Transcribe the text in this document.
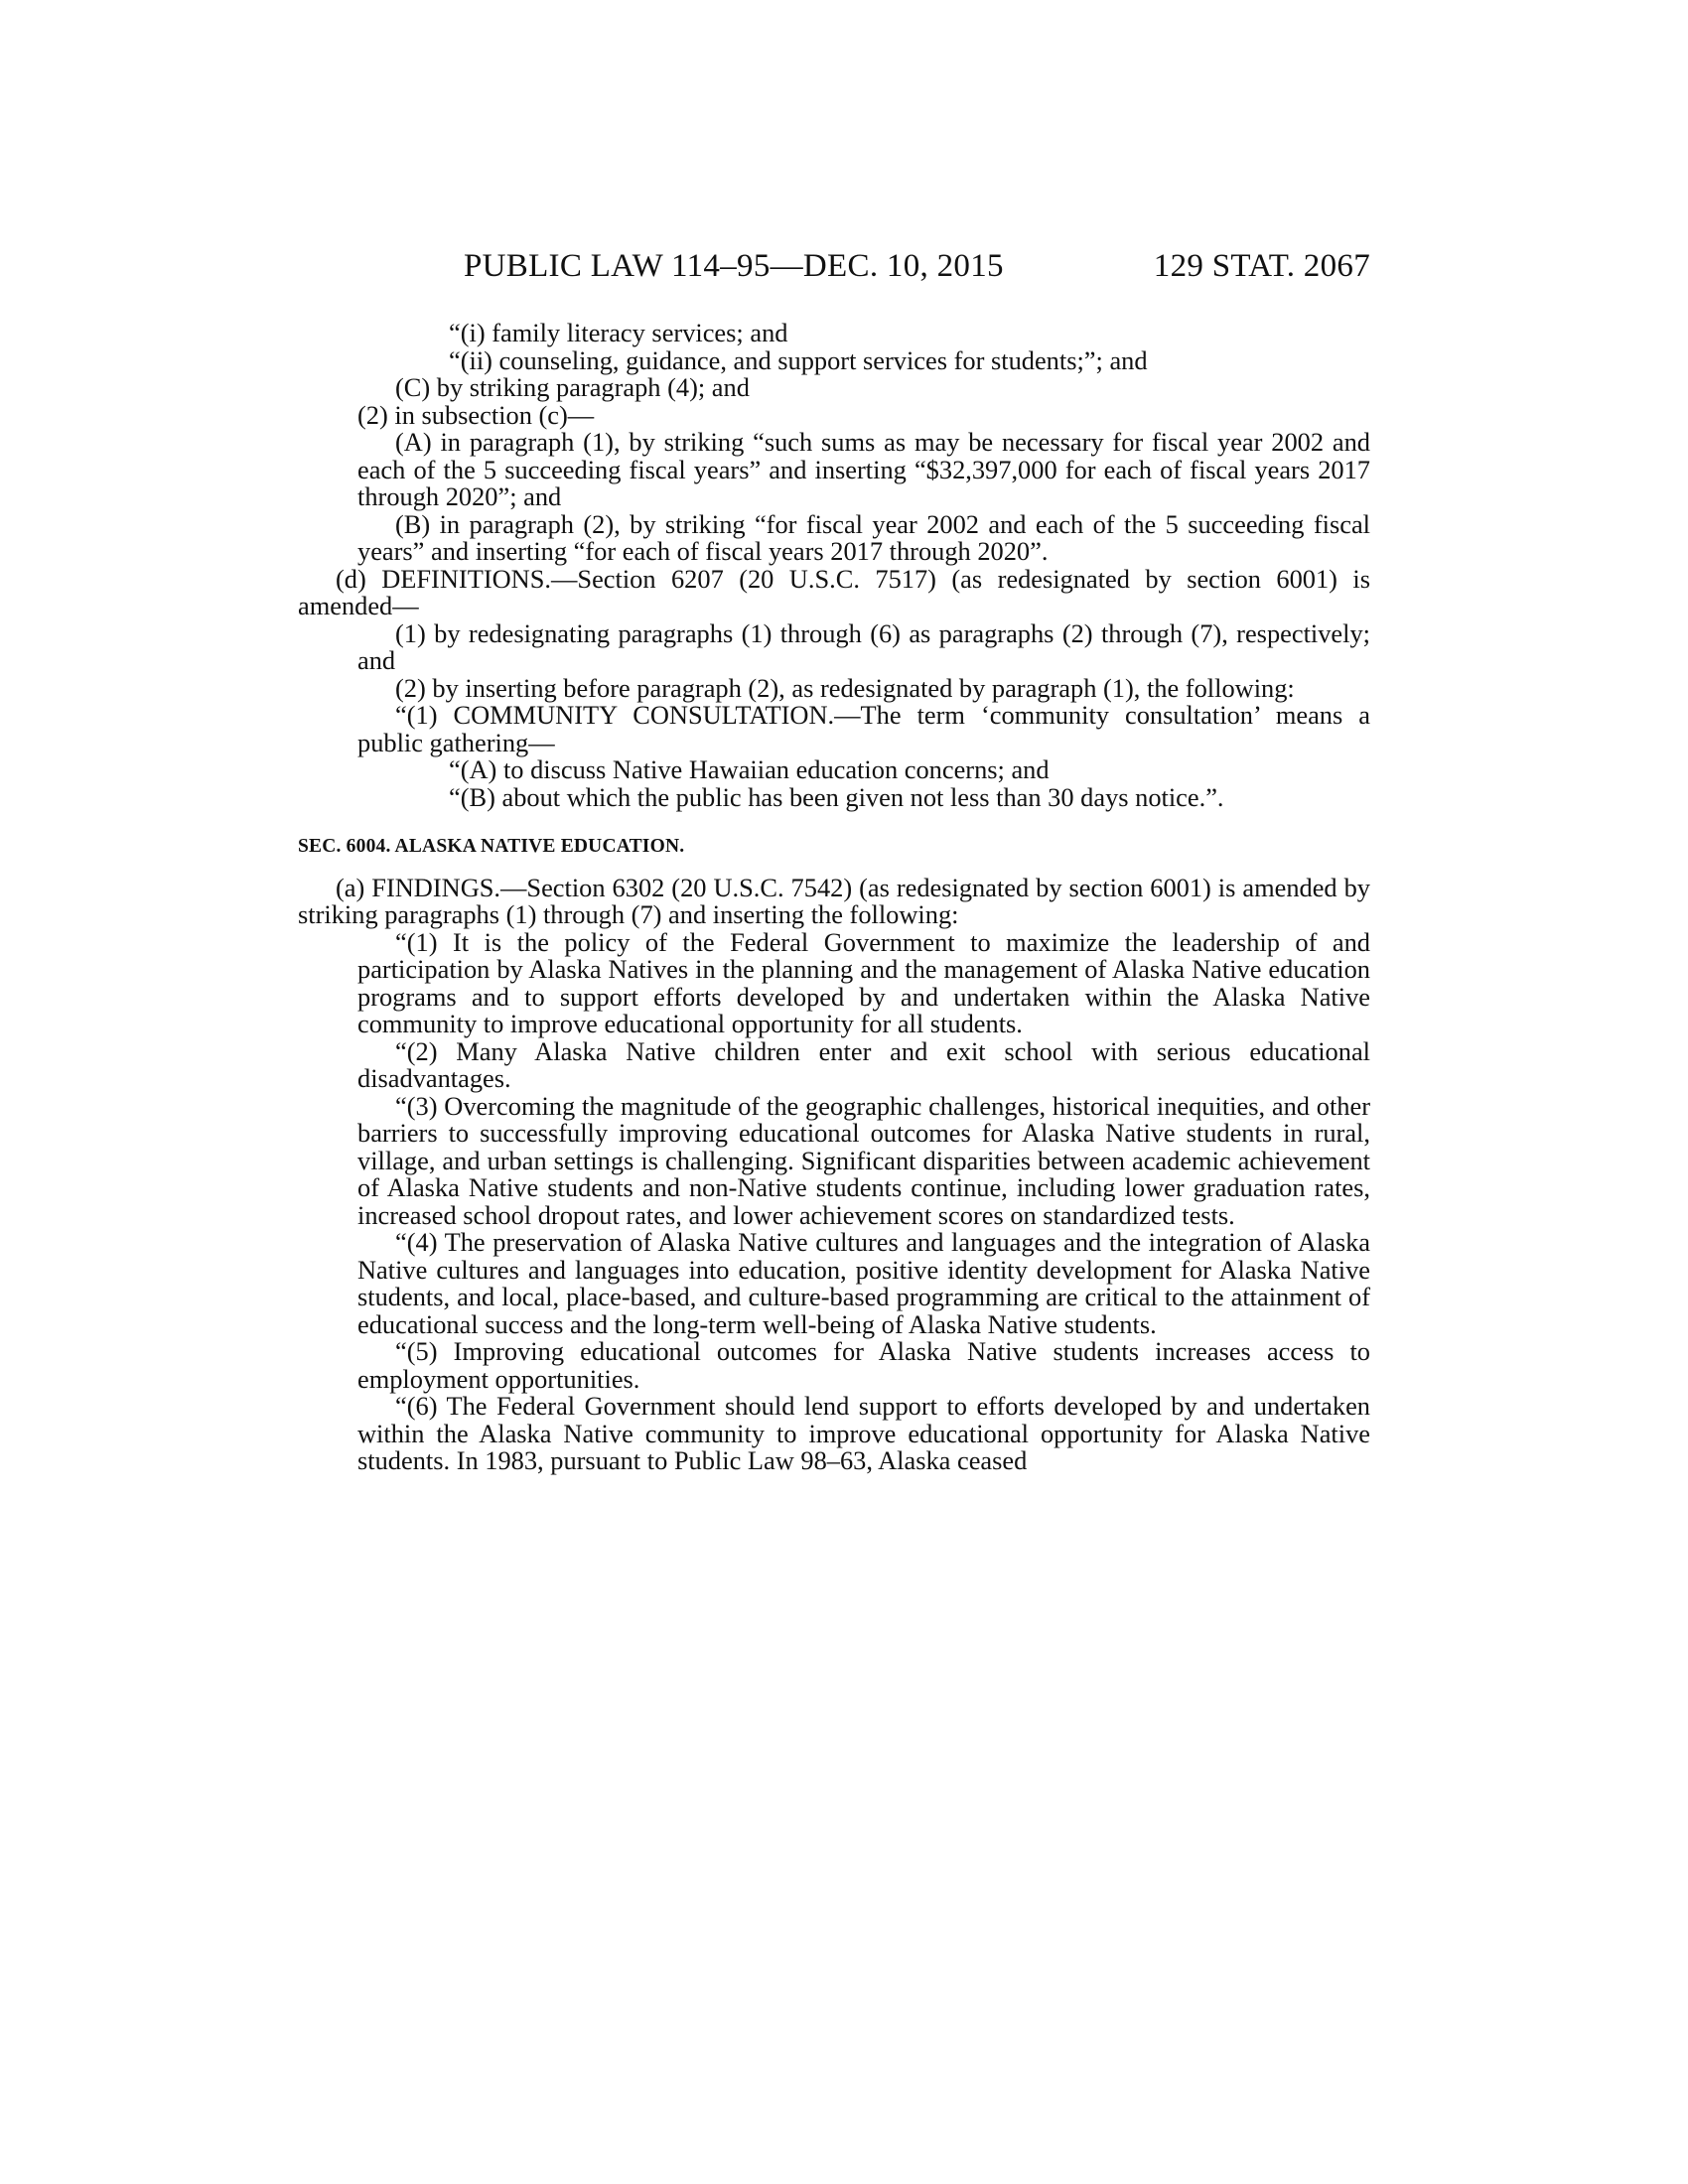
PUBLIC LAW 114–95—DEC. 10, 2015	129 STAT. 2067

“(i) family literacy services; and

“(ii) counseling, guidance, and support services for students;”; and

(C) by striking paragraph (4); and

(2) in subsection (c)—

(A) in paragraph (1), by striking “such sums as may be necessary for fiscal year 2002 and each of the 5 succeeding fiscal years” and inserting “$32,397,000 for each of fiscal years 2017 through 2020”; and

(B) in paragraph (2), by striking “for fiscal year 2002 and each of the 5 succeeding fiscal years” and inserting “for each of fiscal years 2017 through 2020”.

(d) DEFINITIONS.—Section 6207 (20 U.S.C. 7517) (as redesignated by section 6001) is amended—

(1) by redesignating paragraphs (1) through (6) as paragraphs (2) through (7), respectively; and

(2) by inserting before paragraph (2), as redesignated by paragraph (1), the following:

“(1) COMMUNITY CONSULTATION.—The term ‘community consultation’ means a public gathering—

“(A) to discuss Native Hawaiian education concerns; and

“(B) about which the public has been given not less than 30 days notice.”.

SEC. 6004. ALASKA NATIVE EDUCATION.

(a) FINDINGS.—Section 6302 (20 U.S.C. 7542) (as redesignated by section 6001) is amended by striking paragraphs (1) through (7) and inserting the following:

“(1) It is the policy of the Federal Government to maximize the leadership of and participation by Alaska Natives in the planning and the management of Alaska Native education programs and to support efforts developed by and undertaken within the Alaska Native community to improve educational opportunity for all students.

“(2) Many Alaska Native children enter and exit school with serious educational disadvantages.

“(3) Overcoming the magnitude of the geographic challenges, historical inequities, and other barriers to successfully improving educational outcomes for Alaska Native students in rural, village, and urban settings is challenging. Significant disparities between academic achievement of Alaska Native students and non-Native students continue, including lower graduation rates, increased school dropout rates, and lower achievement scores on standardized tests.

“(4) The preservation of Alaska Native cultures and languages and the integration of Alaska Native cultures and languages into education, positive identity development for Alaska Native students, and local, place-based, and culture-based programming are critical to the attainment of educational success and the long-term well-being of Alaska Native students.

“(5) Improving educational outcomes for Alaska Native students increases access to employment opportunities.

“(6) The Federal Government should lend support to efforts developed by and undertaken within the Alaska Native community to improve educational opportunity for Alaska Native students. In 1983, pursuant to Public Law 98–63, Alaska ceased
